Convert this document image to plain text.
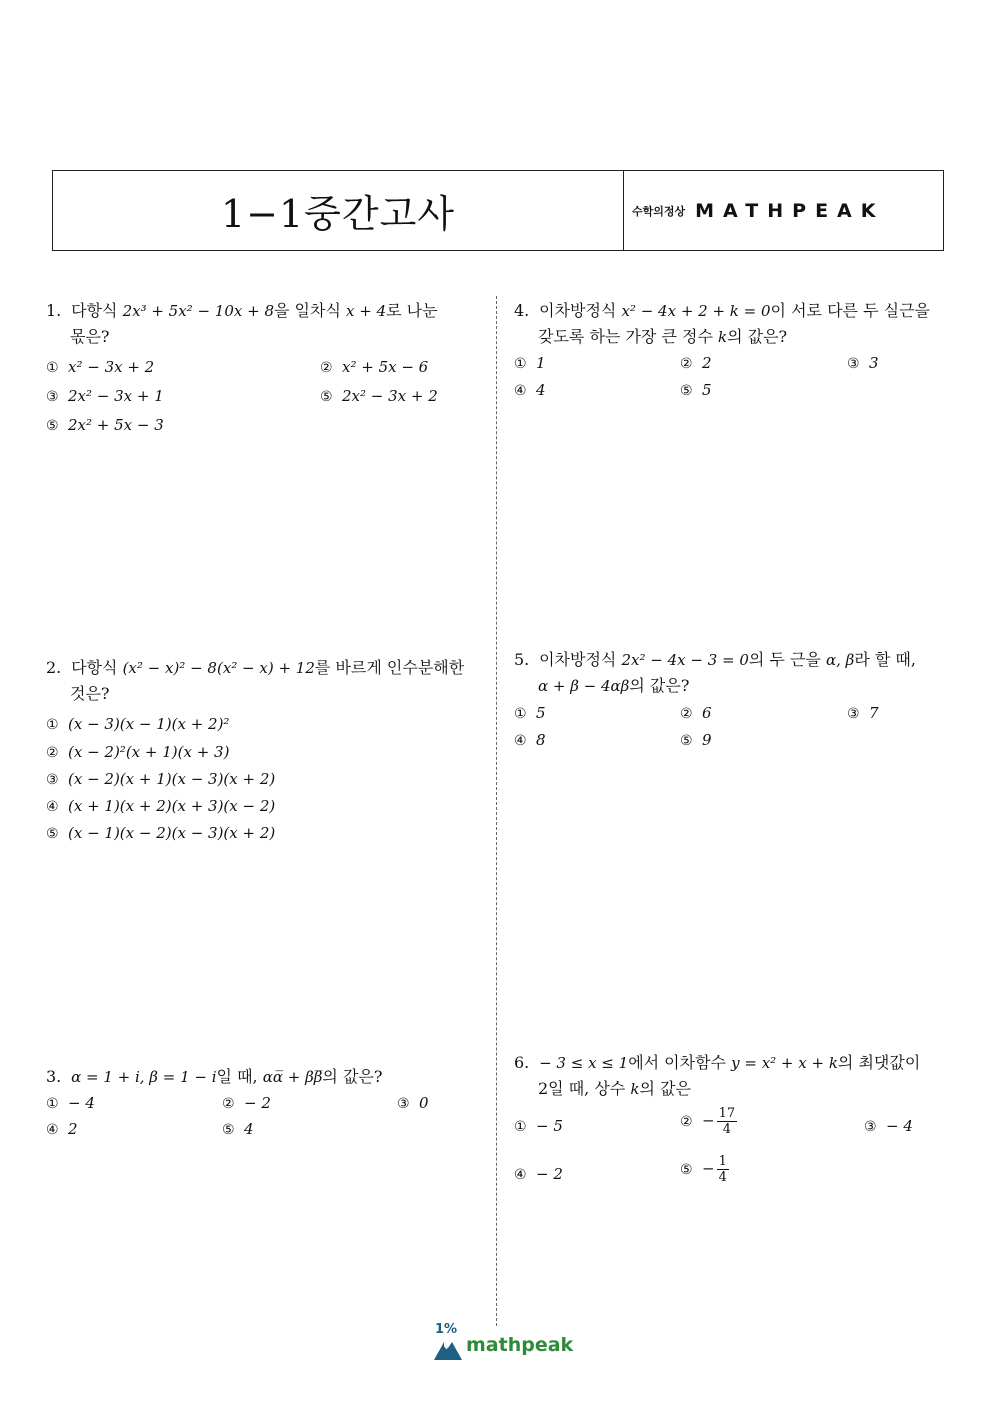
1−1중간고사	수학의정상 MATHPEAK
1. 다항식 2x³ + 5x² − 10x + 8을 일차식 x + 4로 나눈
몫은?
① x² − 3x + 2	② x² + 5x − 6
③ 2x² − 3x + 1	⑤ 2x² − 3x + 2
⑤ 2x² + 5x − 3
2. 다항식 (x² − x)² − 8(x² − x) + 12를 바르게 인수분해한
것은?
① (x − 3)(x − 1)(x + 2)²
② (x − 2)²(x + 1)(x + 3)
③ (x − 2)(x + 1)(x − 3)(x + 2)
④ (x + 1)(x + 2)(x + 3)(x − 2)
⑤ (x − 1)(x − 2)(x − 3)(x + 2)
3. α = 1 + i, β = 1 − i일 때, αα̅ + ββ̅의 값은?
① − 4	② − 2	③ 0
④ 2	⑤ 4
4. 이차방정식 x² − 4x + 2 + k = 0이 서로 다른 두 실근을
갖도록 하는 가장 큰 정수 k의 값은?
① 1	② 2	③ 3
④ 4	⑤ 5
5. 이차방정식 2x² − 4x − 3 = 0의 두 근을 α, β라 할 때,
α + β − 4αβ의 값은?
① 5	② 6	③ 7
④ 8	⑤ 9
6. − 3 ≤ x ≤ 1에서 이차함수 y = x² + x + k의 최댓값이
2일 때, 상수 k의 값은
① − 5	② − $\frac{17}{4}$	③ − 4
④ − 2	⑤ − $\frac{1}{4}$
1%
mathpeak
